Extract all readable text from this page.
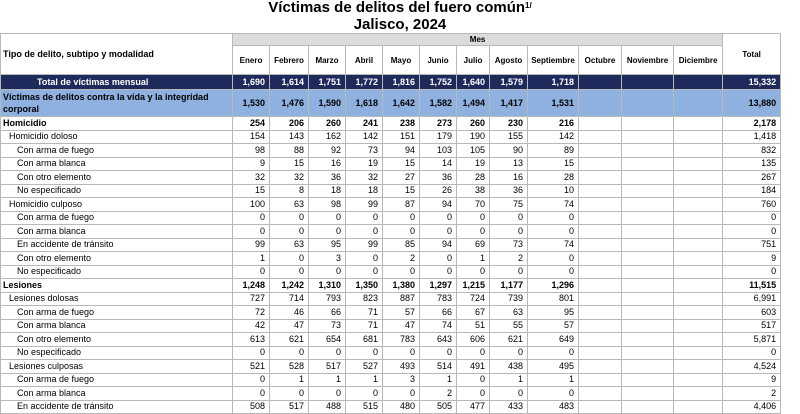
Víctimas de delitos del fuero común$^{1/}$
Jalisco, 2024
Tipo de delito, subtipo y modalidad	Mes												Total
	Enero	Febrero	Marzo	Abril	Mayo	Junio	Julio	Agosto	Septiembre	Octubre	Noviembre	Diciembre	
Total de víctimas mensual	1,690	1,614	1,751	1,772	1,816	1,752	1,640	1,579	1,718				15,332
Víctimas de delitos contra la vida y la integridad corporal	1,530	1,476	1,590	1,618	1,642	1,582	1,494	1,417	1,531				13,880
Homicidio	254	206	260	241	238	273	260	230	216				2,178
Homicidio doloso	154	143	162	142	151	179	190	155	142				1,418
Con arma de fuego	98	88	92	73	94	103	105	90	89				832
Con arma blanca	9	15	16	19	15	14	19	13	15				135
Con otro elemento	32	32	36	32	27	36	28	16	28				267
No especificado	15	8	18	18	15	26	38	36	10				184
Homicidio culposo	100	63	98	99	87	94	70	75	74				760
Con arma de fuego	0	0	0	0	0	0	0	0	0				0
Con arma blanca	0	0	0	0	0	0	0	0	0				0
En accidente de tránsito	99	63	95	99	85	94	69	73	74				751
Con otro elemento	1	0	3	0	2	0	1	2	0				9
No especificado	0	0	0	0	0	0	0	0	0				0
Lesiones	1,248	1,242	1,310	1,350	1,380	1,297	1,215	1,177	1,296				11,515
Lesiones dolosas	727	714	793	823	887	783	724	739	801				6,991
Con arma de fuego	72	46	66	71	57	66	67	63	95				603
Con arma blanca	42	47	73	71	47	74	51	55	57				517
Con otro elemento	613	621	654	681	783	643	606	621	649				5,871
No especificado	0	0	0	0	0	0	0	0	0				0
Lesiones culposas	521	528	517	527	493	514	491	438	495				4,524
Con arma de fuego	0	1	1	1	3	1	0	1	1				9
Con arma blanca	0	0	0	0	0	2	0	0	0				2
En accidente de tránsito	508	517	488	515	480	505	477	433	483				4,406
